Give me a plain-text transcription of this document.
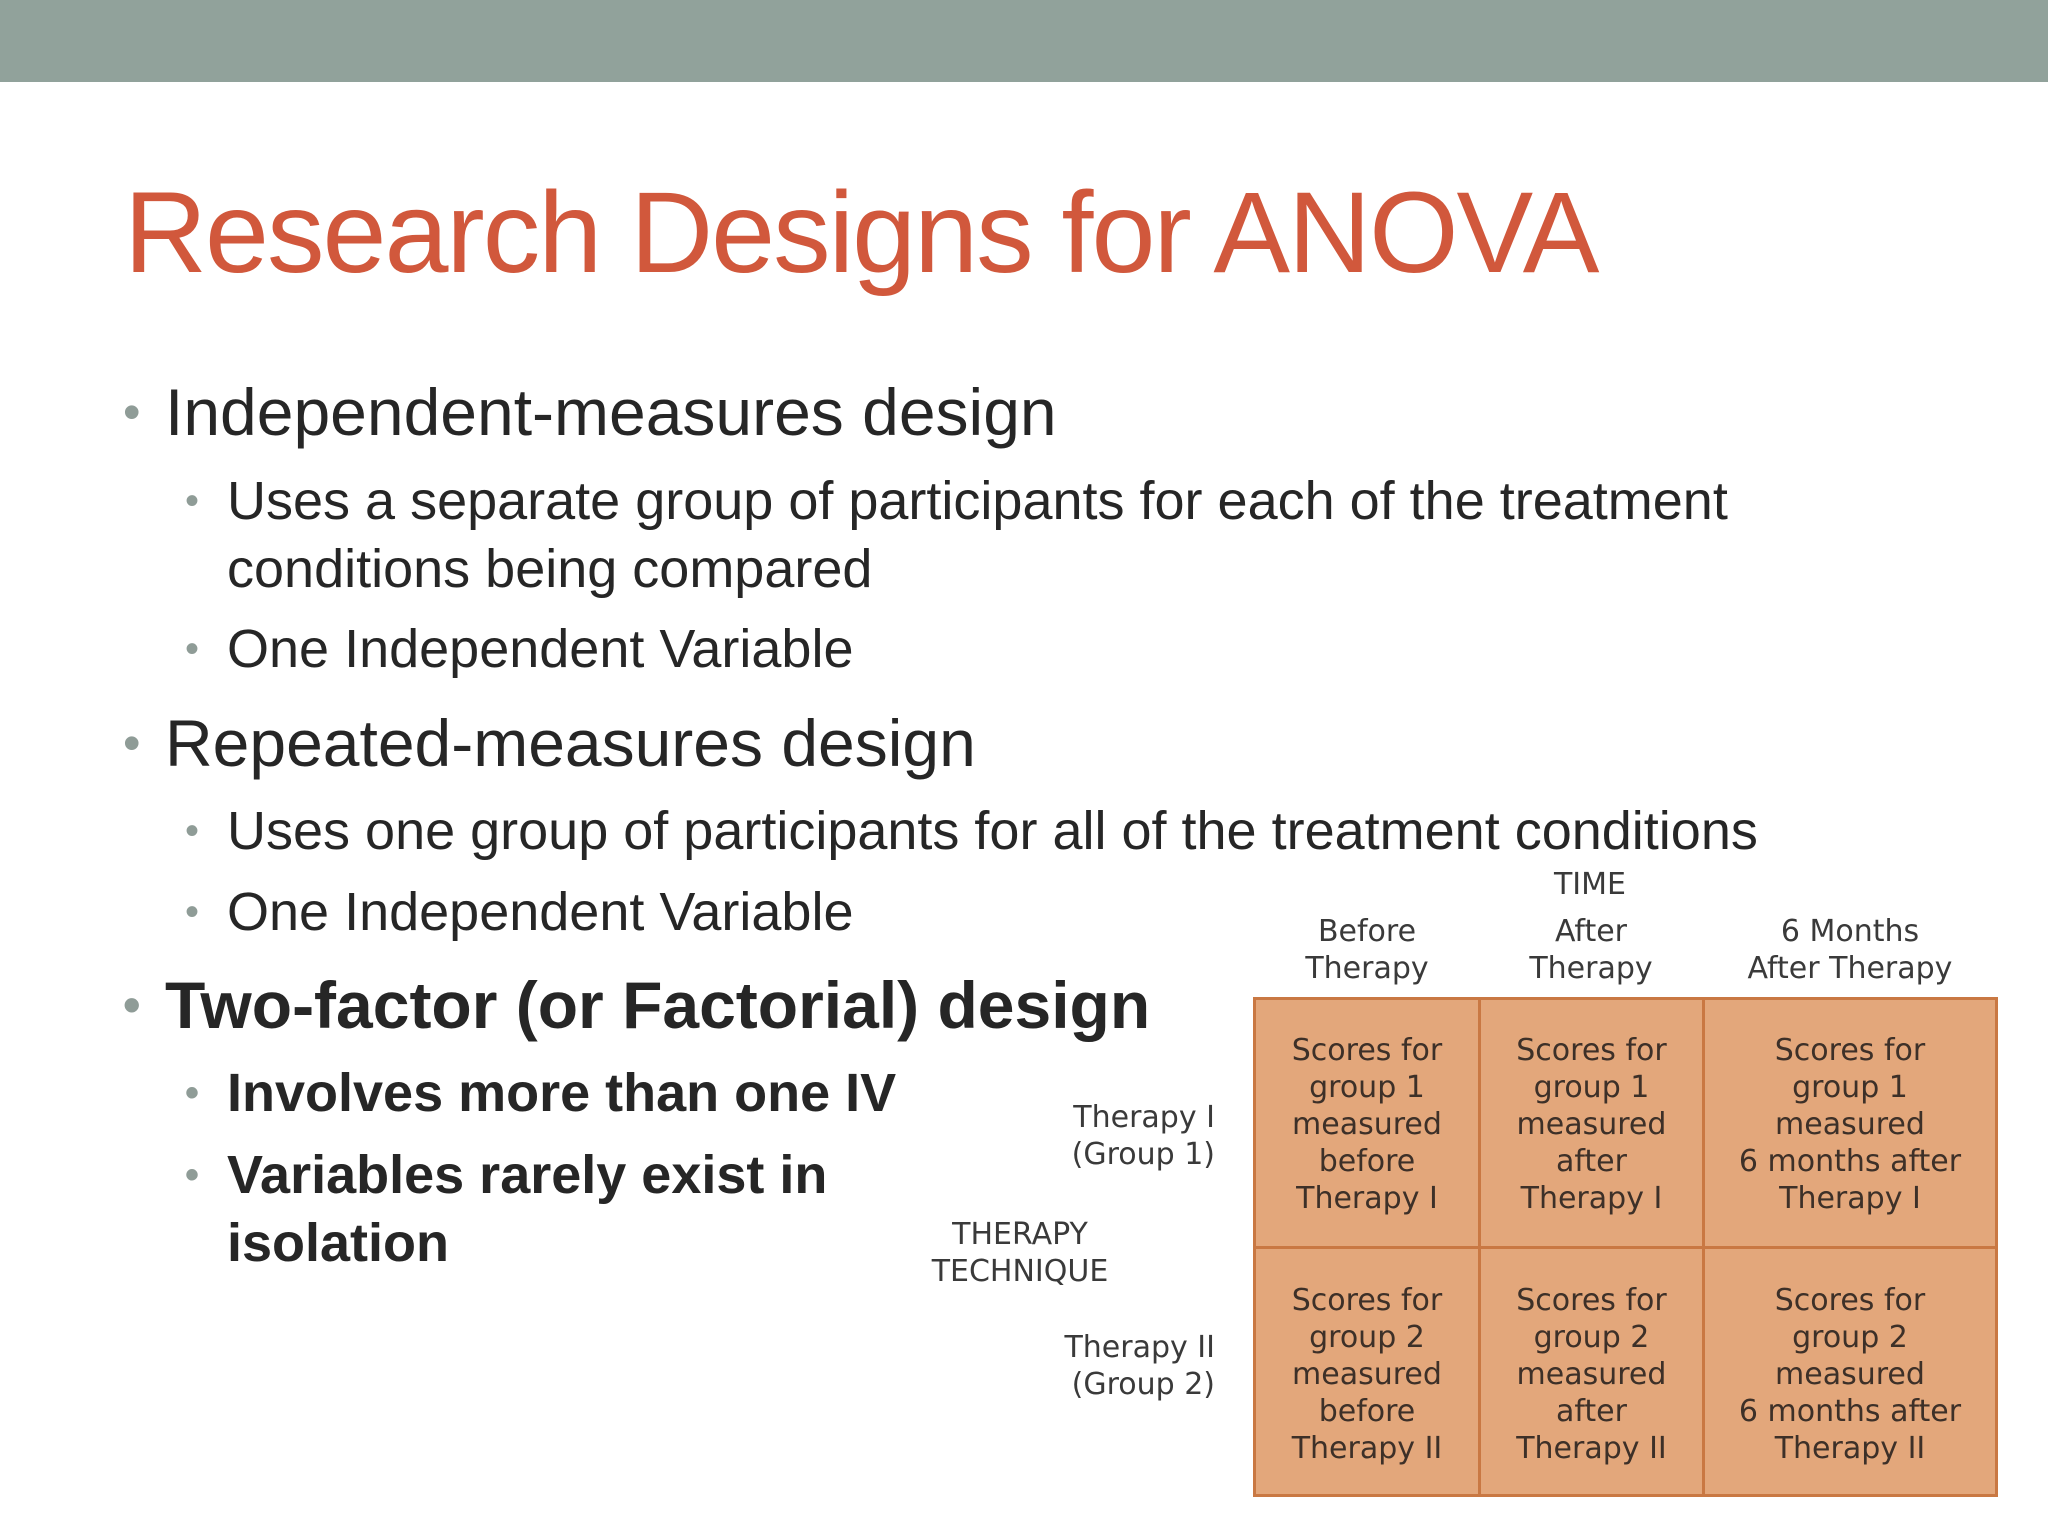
Research Designs for ANOVA
• Independent-measures design
• Uses a separate group of participants for each of the treatment
conditions being compared
• One Independent Variable
• Repeated-measures design
• Uses one group of participants for all of the treatment conditions
• One Independent Variable
• Two-factor (or Factorial) design
• Involves more than one IV
• Variables rarely exist in
isolation
TIME
Before
Therapy
After
Therapy
6 Months
After Therapy
Therapy I
(Group 1)
Therapy II
(Group 2)
THERAPY
TECHNIQUE
Scores for
group 1
measured
before
Therapy I
Scores for
group 1
measured
after
Therapy I
Scores for
group 1
measured
6 months after
Therapy I
Scores for
group 2
measured
before
Therapy II
Scores for
group 2
measured
after
Therapy II
Scores for
group 2
measured
6 months after
Therapy II
